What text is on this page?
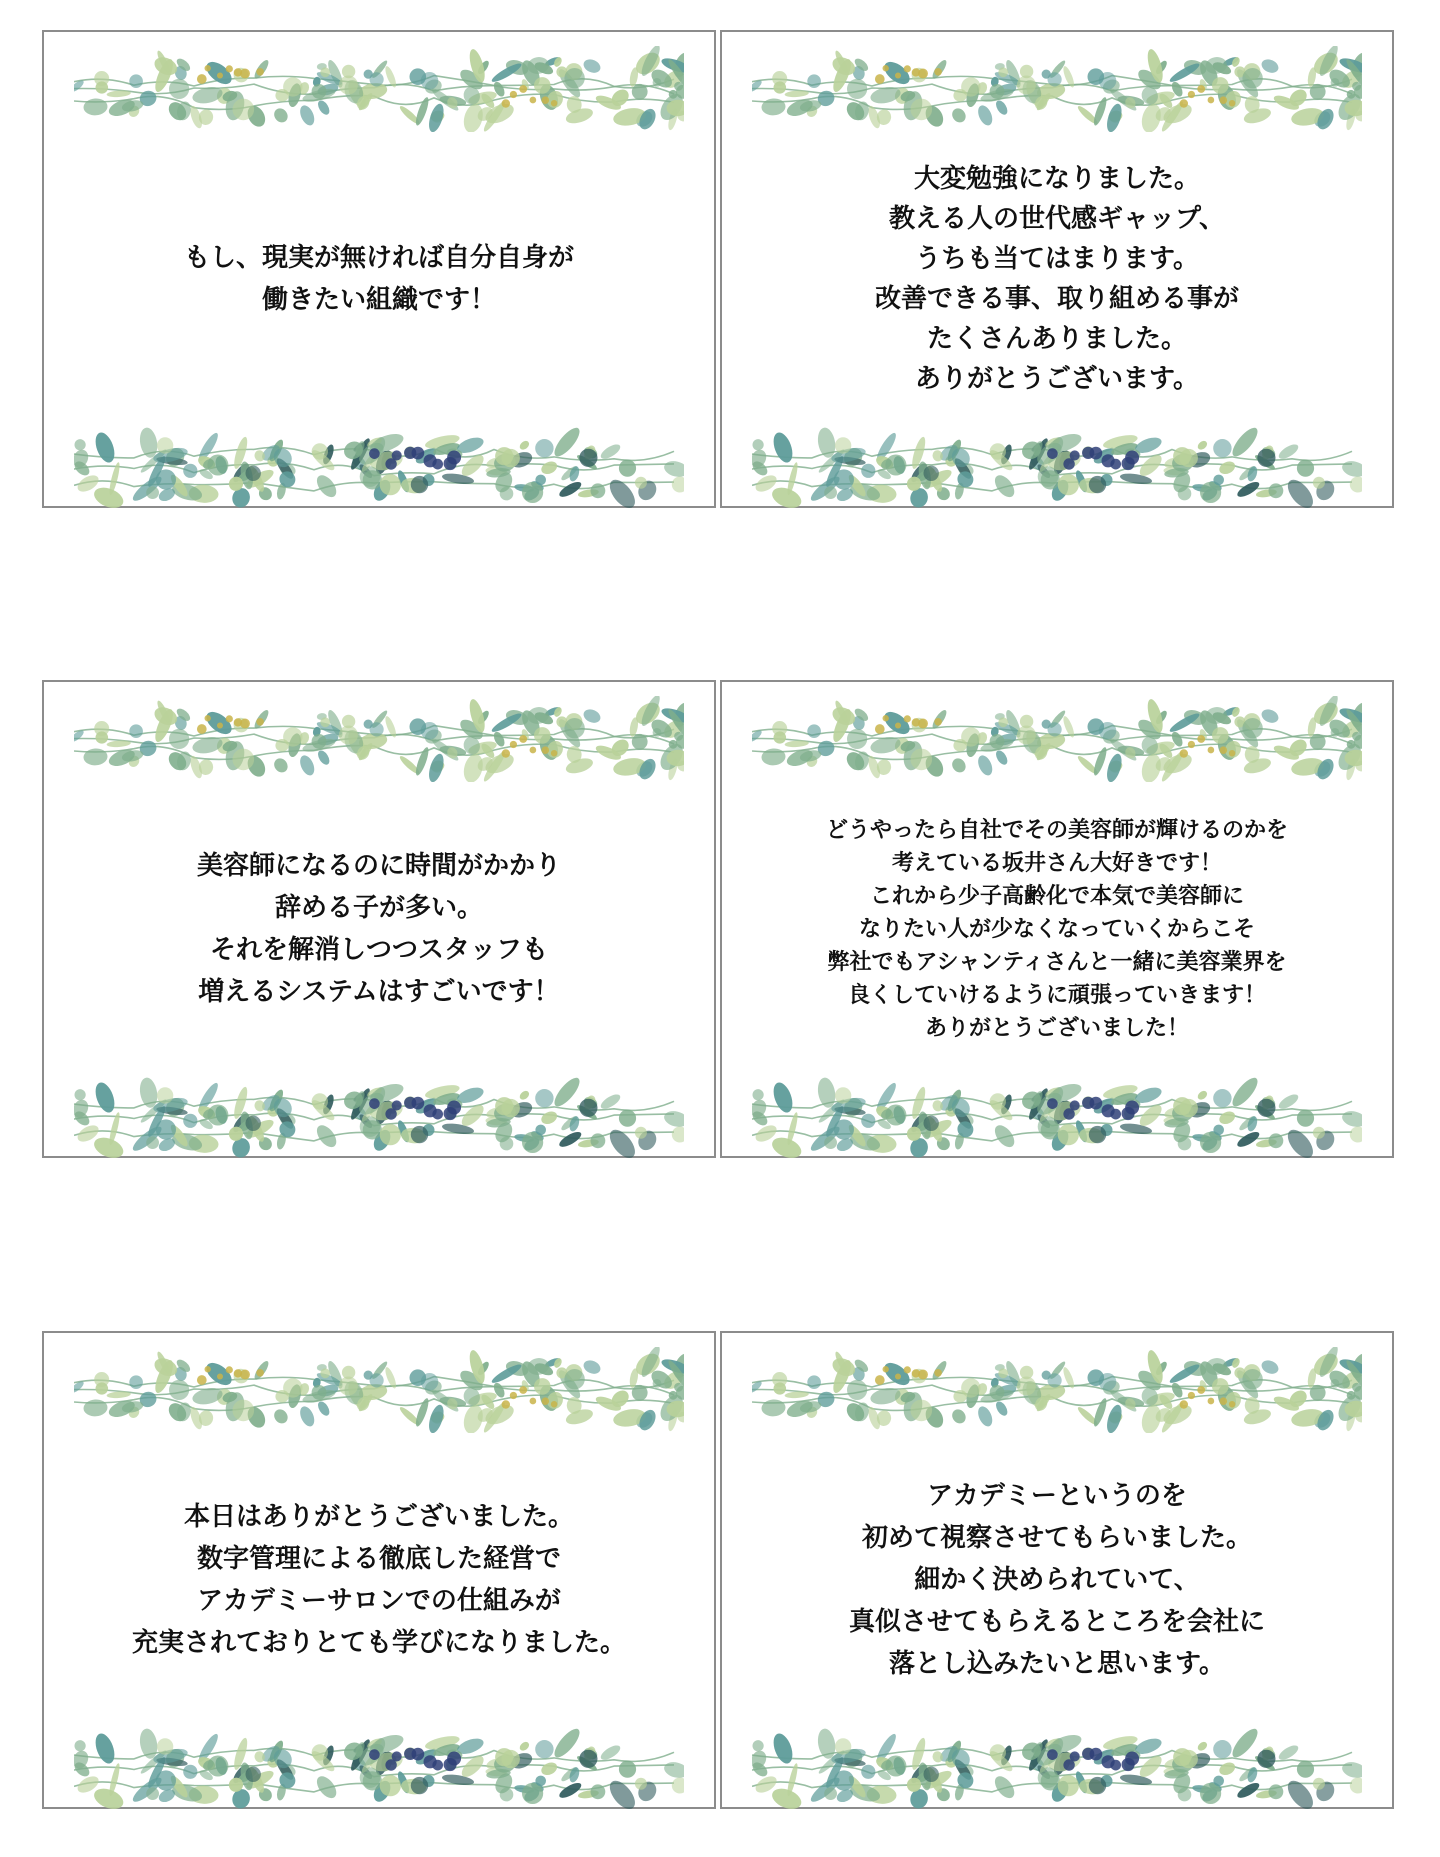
もし、現実が無ければ自分自身が
働きたい組織です！
大変勉強になりました。
教える人の世代感ギャップ、
うちも当てはまります。
改善できる事、取り組める事が
たくさんありました。
ありがとうございます。
美容師になるのに時間がかかり
辞める子が多い。
それを解消しつつスタッフも
増えるシステムはすごいです！
どうやったら自社でその美容師が輝けるのかを
考えている坂井さん大好きです！
これから少子高齢化で本気で美容師に
なりたい人が少なくなっていくからこそ
弊社でもアシャンティさんと一緒に美容業界を
良くしていけるように頑張っていきます！
ありがとうございました！
本日はありがとうございました。
数字管理による徹底した経営で
アカデミーサロンでの仕組みが
充実されておりとても学びになりました。
アカデミーというのを
初めて視察させてもらいました。
細かく決められていて、
真似させてもらえるところを会社に
落とし込みたいと思います。
